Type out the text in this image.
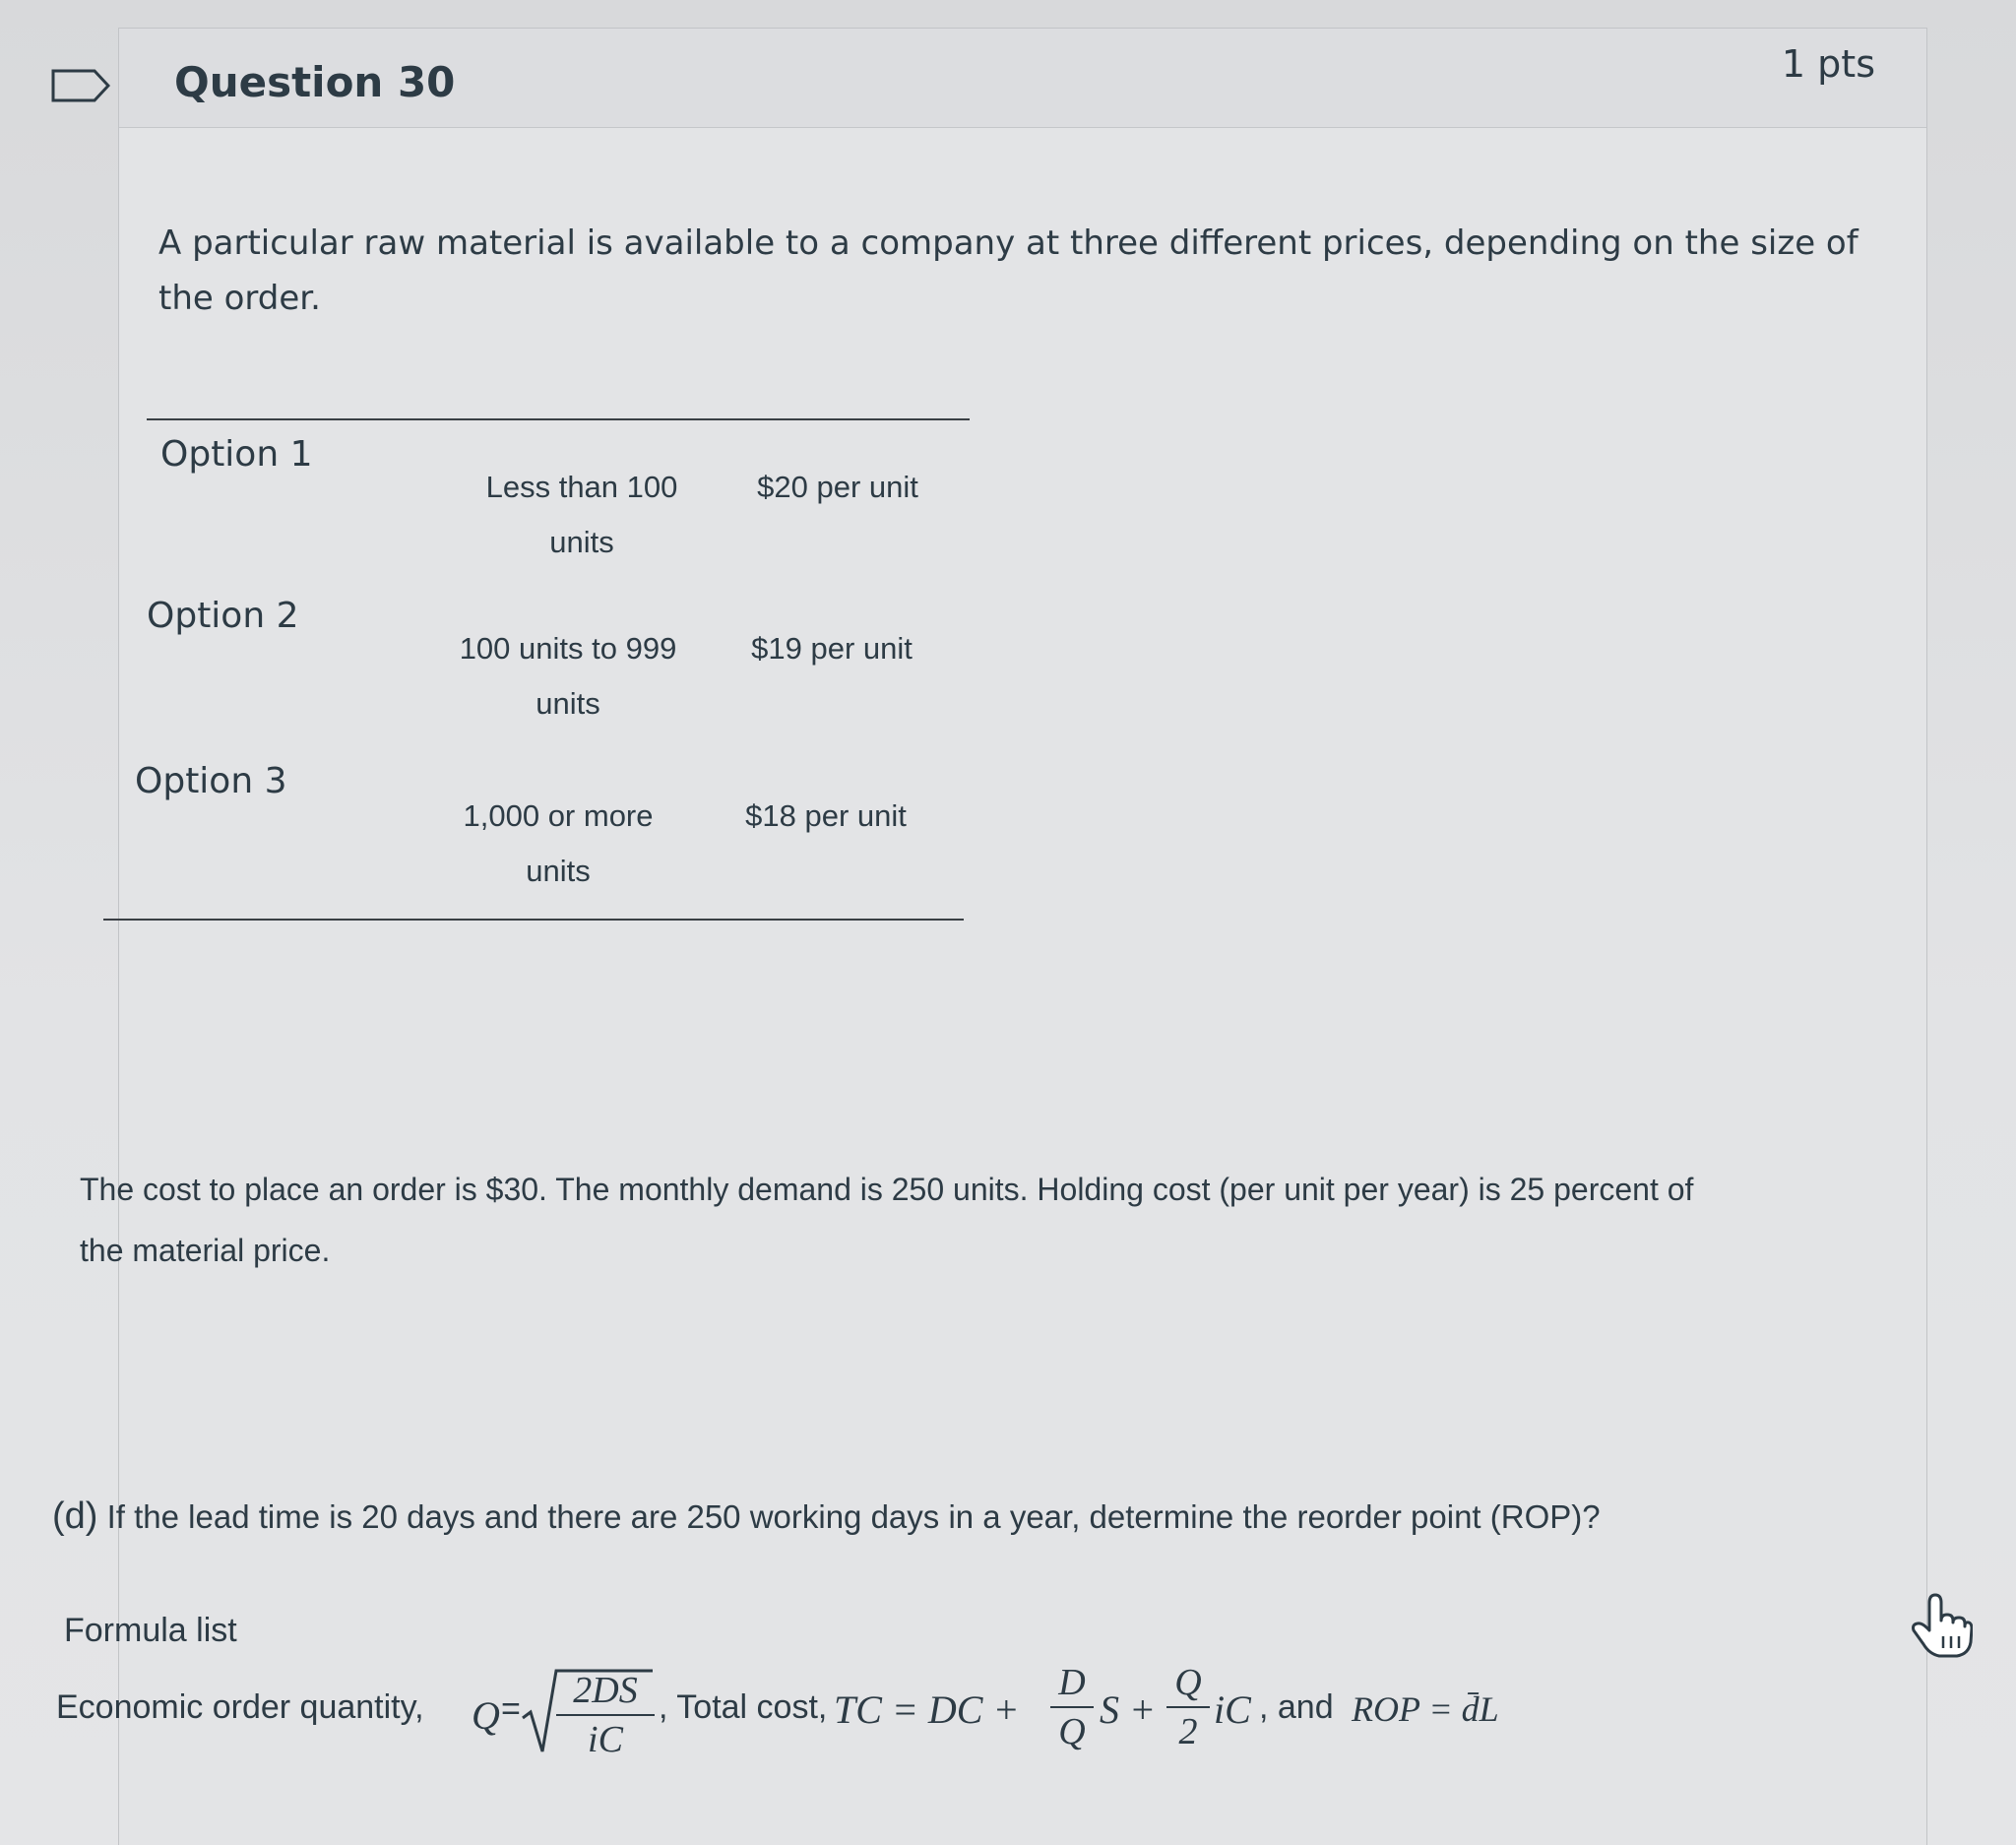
Question 30	1 pts
A particular raw material is available to a company at three different prices, depending on the size of
the order.
Option 1
Less than 100
units
$20 per unit
Option 2
100 units to 999
units
$19 per unit
Option 3
1,000 or more
units
$18 per unit
The cost to place an order is $30. The monthly demand is 250 units. Holding cost (per unit per year) is 25 percent of
the material price.
(d) If the lead time is 20 days and there are 250 working days in a year, determine the reorder point (ROP)?
Formula list
Economic order quantity, Q =	2DS
iC
, Total cost, TC = DC +
D
Q S +
Q
2 iC , and ROP = d̄L
